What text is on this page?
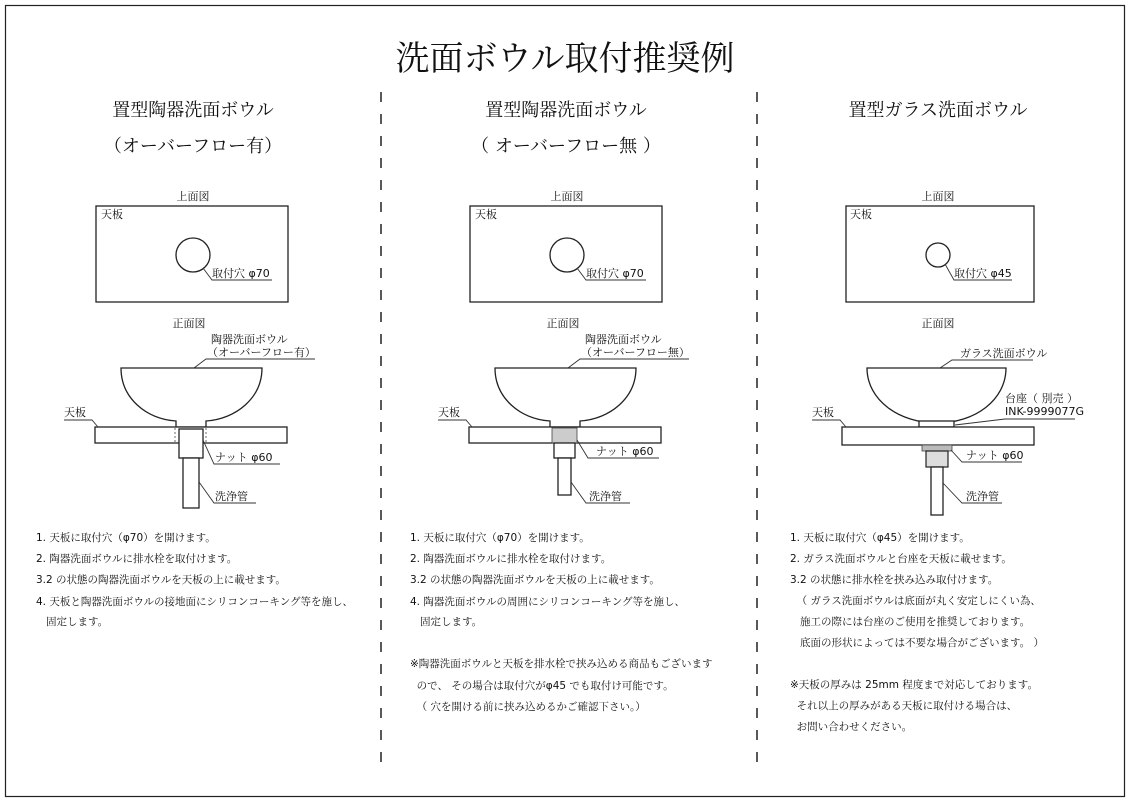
洗面ボウル取付推奨例
置型陶器洗面ボウル
（オーバーフロー有）
上面図
天板
取付穴 φ70
正面図
陶器洗面ボウル
（オーバーフロー有）
天板
ナット φ60
洗浄管
1. 天板に取付穴（φ70）を開けます。
2. 陶器洗面ボウルに排水栓を取付けます。
3.2 の状態の陶器洗面ボウルを天板の上に載せます。
4. 天板と陶器洗面ボウルの接地面にシリコンコーキング等を施し、
固定します。
置型陶器洗面ボウル
（ オーバーフロー無 ）
上面図
天板
取付穴 φ70
正面図
陶器洗面ボウル
（オーバーフロー無）
天板
ナット φ60
洗浄管
1. 天板に取付穴（φ70）を開けます。
2. 陶器洗面ボウルに排水栓を取付けます。
3.2 の状態の陶器洗面ボウルを天板の上に載せます。
4. 陶器洗面ボウルの周囲にシリコンコーキング等を施し、
固定します。
※陶器洗面ボウルと天板を排水栓で挟み込める商品もございます
ので、 その場合は取付穴がφ45 でも取付け可能です。
（ 穴を開ける前に挟み込めるかご確認下さい。）
置型ガラス洗面ボウル
上面図
天板
取付穴 φ45
正面図
ガラス洗面ボウル
台座（ 別売 ）
INK-9999077G
天板
ナット φ60
洗浄管
1. 天板に取付穴（φ45）を開けます。
2. ガラス洗面ボウルと台座を天板に載せます。
3.2 の状態に排水栓を挟み込み取付けます。
（ ガラス洗面ボウルは底面が丸く安定しにくい為、
施工の際には台座のご使用を推奨しております。
底面の形状によっては不要な場合がございます。 ）
※天板の厚みは 25mm 程度まで対応しております。
それ以上の厚みがある天板に取付ける場合は、
お問い合わせください。
